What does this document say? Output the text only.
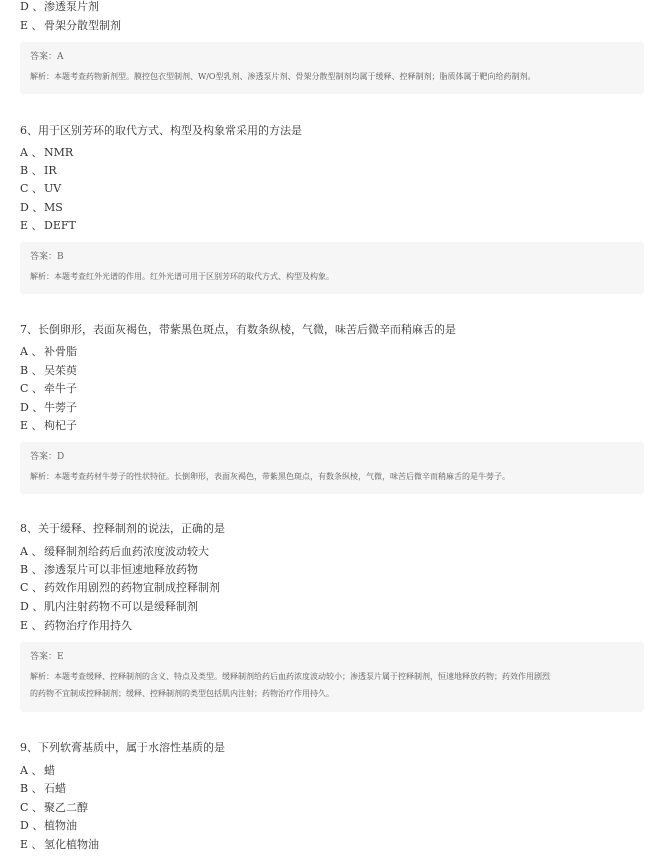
D 、渗透泵片剂
E 、骨架分散型制剂
答案：A
解析：本题考查药物新剂型。膜控包衣型制剂、W/O型乳剂、渗透泵片剂、骨架分散型制剂均属于缓释、控释制剂；脂质体属于靶向给药制剂。
6、用于区别芳环的取代方式、构型及构象常采用的方法是
A 、 NMR
B 、IR
C 、UV
D 、MS
E 、DEFT
答案：B
解析：本题考查红外光谱的作用。红外光谱可用于区别芳环的取代方式、构型及构象。
7、长倒卵形，表面灰褐色，带紫黑色斑点，有数条纵棱，气微，味苦后微辛而稍麻舌的是
A 、 补骨脂
B 、吴茱萸
C 、牵牛子
D 、牛蒡子
E 、枸杞子
答案：D
解析：本题考查药材牛蒡子的性状特征。长倒卵形，表面灰褐色，带紫黑色斑点，有数条纵棱，气微，味苦后微辛而稍麻舌的是牛蒡子。
8、关于缓释、控释制剂的说法，正确的是
A 、 缓释制剂给药后血药浓度波动较大
B 、渗透泵片可以非恒速地释放药物
C 、药效作用剧烈的药物宜制成控释制剂
D 、肌内注射药物不可以是缓释制剂
E 、药物治疗作用持久
答案：E
解析：本题考查缓释、控释制剂的含义、特点及类型。缓释制剂给药后血药浓度波动较小；渗透泵片属于控释制剂，恒速地释放药物；药效作用剧烈
的药物不宜制成控释制剂；缓释、控释制剂的类型包括肌内注射；药物治疗作用持久。
9、下列软膏基质中，属于水溶性基质的是
A 、 蜡
B 、石蜡
C 、聚乙二醇
D 、植物油
E 、氢化植物油
